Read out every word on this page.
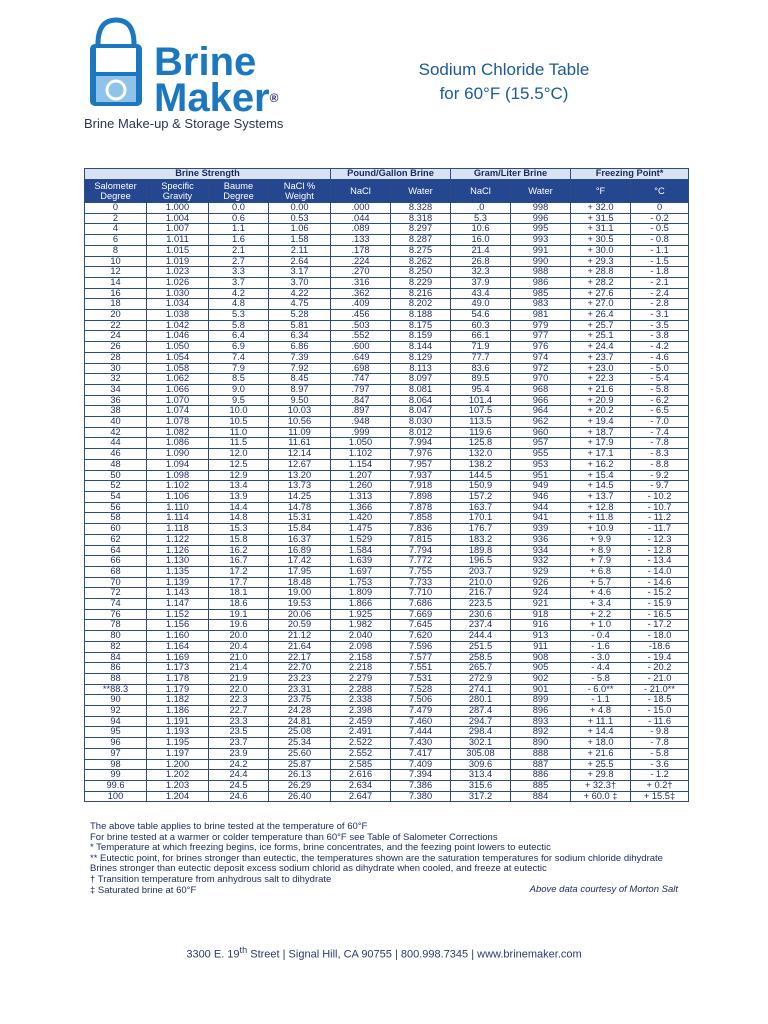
Brine
Maker®
Brine Make-up & Storage Systems
Sodium Chloride Table
for 60°F (15.5°C)
Brine Strength				Pound/Gallon Brine		Gram/Liter Brine		Freezing Point*	
Salometer Degree	Specific Gravity	Baume Degree	NaCl % Weight	NaCl	Water	NaCl	Water	°F	°C
0	1.000	0.0	0.00	.000	8.328	.0	998	+ 32.0	0
2	1.004	0.6	0.53	.044	8.318	5.3	996	+ 31.5	- 0.2
4	1.007	1.1	1.06	.089	8.297	10.6	995	+ 31.1	- 0.5
6	1.011	1.6	1.58	.133	8.287	16.0	993	+ 30.5	- 0.8
8	1.015	2.1	2.11	.178	8.275	21.4	991	+ 30.0	- 1.1
10	1.019	2.7	2.64	.224	8.262	26.8	990	+ 29.3	- 1.5
12	1.023	3.3	3.17	.270	8.250	32.3	988	+ 28.8	- 1.8
14	1.026	3.7	3.70	.316	8.229	37.9	986	+ 28.2	- 2.1
16	1.030	4.2	4.22	.362	8.216	43.4	985	+ 27.6	- 2.4
18	1.034	4.8	4.75	.409	8.202	49.0	983	+ 27.0	- 2.8
20	1.038	5.3	5.28	.456	8.188	54.6	981	+ 26.4	- 3.1
22	1.042	5.8	5.81	.503	8.175	60.3	979	+ 25.7	- 3.5
24	1.046	6.4	6.34	.552	8.159	66.1	977	+ 25.1	- 3.8
26	1.050	6.9	6.86	.600	8.144	71.9	976	+ 24.4	- 4.2
28	1.054	7.4	7.39	.649	8.129	77.7	974	+ 23.7	- 4.6
30	1.058	7.9	7.92	.698	8.113	83.6	972	+ 23.0	- 5.0
32	1.062	8.5	8.45	.747	8.097	89.5	970	+ 22.3	- 5.4
34	1.066	9.0	8.97	.797	8.081	95.4	968	+ 21.6	- 5.8
36	1.070	9.5	9.50	.847	8.064	101.4	966	+ 20.9	- 6.2
38	1.074	10.0	10.03	.897	8.047	107.5	964	+ 20.2	- 6.5
40	1.078	10.5	10.56	.948	8.030	113.5	962	+ 19.4	- 7.0
42	1.082	11.0	11.09	.999	8.012	119.6	960	+ 18.7	- 7.4
44	1.086	11.5	11.61	1.050	7.994	125.8	957	+ 17.9	- 7.8
46	1.090	12.0	12.14	1.102	7.976	132.0	955	+ 17.1	- 8.3
48	1.094	12.5	12.67	1.154	7.957	138.2	953	+ 16.2	- 8.8
50	1.098	12.9	13.20	1.207	7.937	144.5	951	+ 15.4	- 9.2
52	1.102	13.4	13.73	1.260	7.918	150.9	949	+ 14.5	- 9.7
54	1.106	13.9	14.25	1.313	7.898	157.2	946	+ 13.7	- 10.2
56	1.110	14.4	14.78	1.366	7.878	163.7	944	+ 12.8	- 10.7
58	1.114	14.8	15.31	1.420	7.858	170.1	941	+ 11.8	- 11.2
60	1.118	15.3	15.84	1.475	7.836	176.7	939	+ 10.9	- 11.7
62	1.122	15.8	16.37	1.529	7.815	183.2	936	+ 9.9	- 12.3
64	1.126	16.2	16.89	1.584	7.794	189.8	934	+ 8.9	- 12.8
66	1.130	16.7	17.42	1.639	7.772	196.5	932	+ 7.9	- 13.4
68	1.135	17.2	17.95	1.697	7.755	203.7	929	+ 6.8	- 14.0
70	1.139	17.7	18.48	1.753	7.733	210.0	926	+ 5.7	- 14.6
72	1.143	18.1	19.00	1.809	7.710	216.7	924	+ 4.6	- 15.2
74	1.147	18.6	19.53	1.866	7.686	223.5	921	+ 3.4	- 15.9
76	1.152	19.1	20.06	1.925	7.669	230.6	918	+ 2.2	- 16.5
78	1.156	19.6	20.59	1.982	7.645	237.4	916	+ 1.0	- 17.2
80	1.160	20.0	21.12	2.040	7.620	244.4	913	- 0.4	- 18.0
82	1.164	20.4	21.64	2.098	7.596	251.5	911	- 1.6	-18.6
84	1.169	21.0	22.17	2.158	7.577	258.5	908	- 3.0	- 19.4
86	1.173	21.4	22.70	2.218	7.551	265.7	905	- 4.4	- 20.2
88	1.178	21.9	23.23	2.279	7.531	272.9	902	- 5.8	- 21.0
**88.3	1.179	22.0	23.31	2.288	7.528	274.1	901	- 6.0**	- 21.0**
90	1.182	22.3	23.75	2.338	7.506	280.1	899	- 1.1	- 18.5
92	1.186	22.7	24.28	2.398	7.479	287.4	896	+ 4.8	- 15.0
94	1.191	23.3	24.81	2.459	7.460	294.7	893	+ 11.1	- 11.6
95	1.193	23.5	25.08	2.491	7.444	298.4	892	+ 14.4	- 9.8
96	1.195	23.7	25.34	2.522	7.430	302.1	890	+ 18.0	- 7.8
97	1.197	23.9	25.60	2.552	7.417	305.08	888	+ 21.6	- 5.8
98	1.200	24.2	25.87	2.585	7.409	309.6	887	+ 25.5	- 3.6
99	1.202	24.4	26.13	2.616	7.394	313.4	886	+ 29.8	- 1.2
99.6	1.203	24.5	26.29	2.634	7.386	315.6	885	+ 32.3†	+ 0.2†
100	1.204	24.6	26.40	2.647	7.380	317.2	884	+ 60.0 ‡	+ 15.5‡
The above table applies to brine tested at the temperature of 60°F
For brine tested at a warmer or colder temperature than 60°F see Table of Salometer Corrections
* Temperature at which freezing begins, ice forms, brine concentrates, and the feezing point lowers to eutectic
** Eutectic point, for brines stronger than eutectic, the temperatures shown are the saturation temperatures for sodium chloride dihydrate
Brines stronger than eutectic deposit excess sodium chlorid as dihydrate when cooled, and freeze at eutectic
† Transition temperature from anhydrous salt to dihydrate
‡ Saturated brine at 60°F	Above data courtesy of Morton Salt
3300 E. 19th Street | Signal Hill, CA 90755 | 800.998.7345 | www.brinemaker.com
